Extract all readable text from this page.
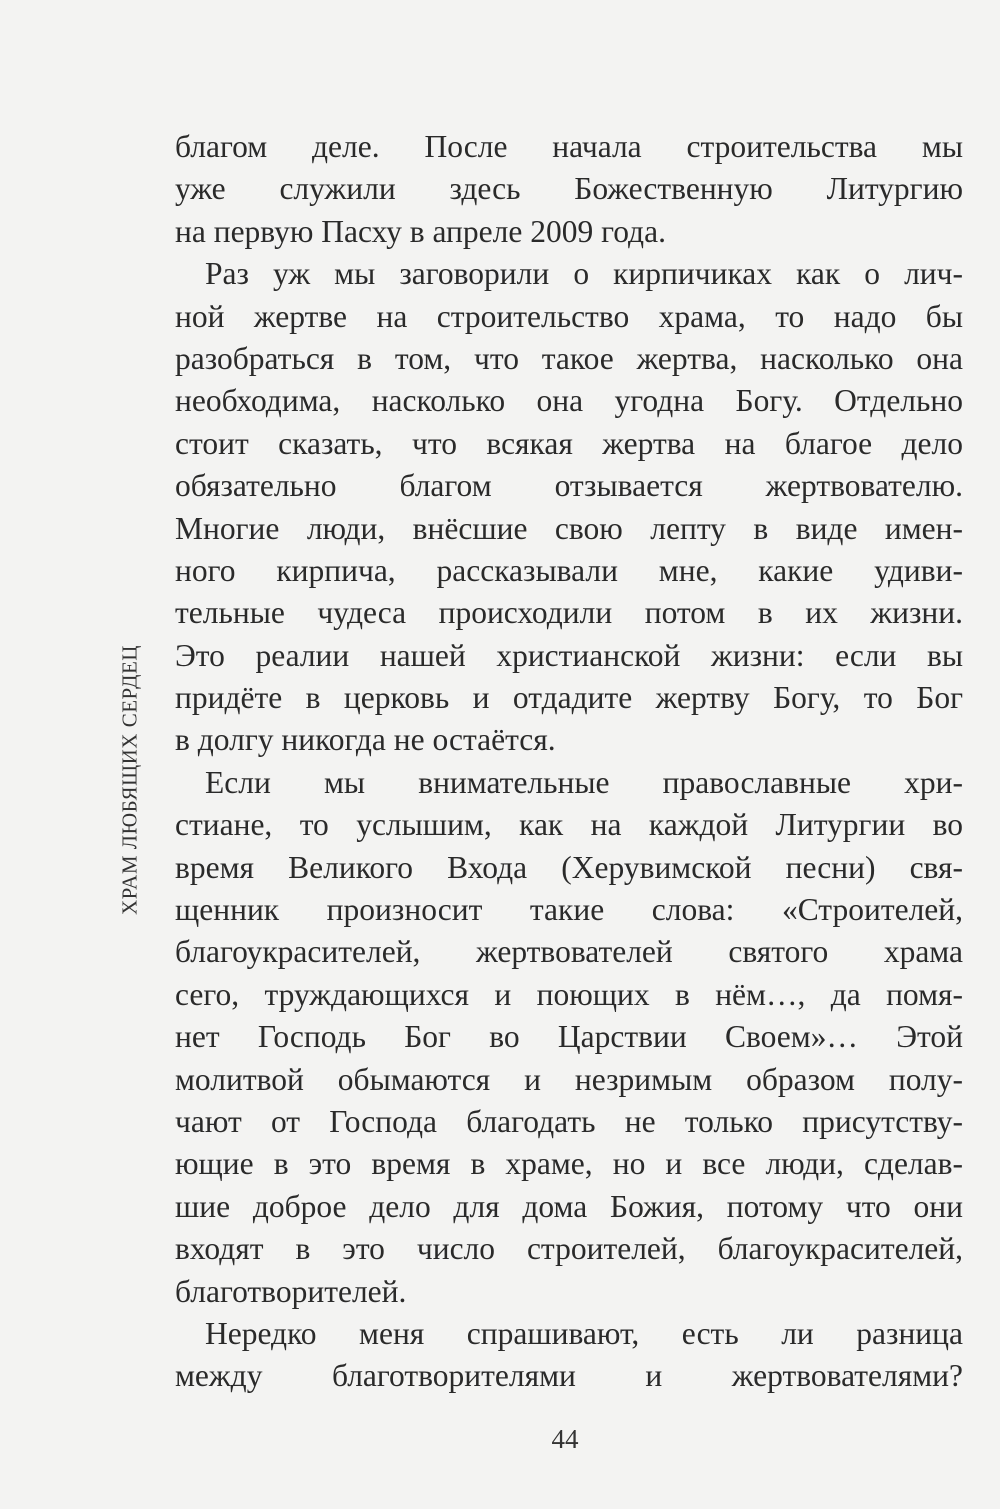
ХРАМ ЛЮБЯЩИХ СЕРДЕЦ
благом деле. После начала строительства мы
уже служили здесь Божественную Литургию
на первую Пасху в апреле 2009 года.
Раз уж мы заговорили о кирпичиках как о лич-
ной жертве на строительство храма, то надо бы
разобраться в том, что такое жертва, насколько она
необходима, насколько она угодна Богу. Отдельно
стоит сказать, что всякая жертва на благое дело
обязательно благом отзывается жертвователю.
Многие люди, внёсшие свою лепту в виде имен-
ного кирпича, рассказывали мне, какие удиви-
тельные чудеса происходили потом в их жизни.
Это реалии нашей христианской жизни: если вы
придёте в церковь и отдадите жертву Богу, то Бог
в долгу никогда не остаётся.
Если мы внимательные православные хри-
стиане, то услышим, как на каждой Литургии во
время Великого Входа (Херувимской песни) свя-
щенник произносит такие слова: «Строителей,
благоукрасителей, жертвователей святого храма
сего, труждающихся и поющих в нём…, да помя-
нет Господь Бог во Царствии Своем»… Этой
молитвой обымаются и незримым образом полу-
чают от Господа благодать не только присутству-
ющие в это время в храме, но и все люди, сделав-
шие доброе дело для дома Божия, потому что они
входят в это число строителей, благоукрасителей,
благотворителей.
Нередко меня спрашивают, есть ли разница
между благотворителями и жертвователями?
44
